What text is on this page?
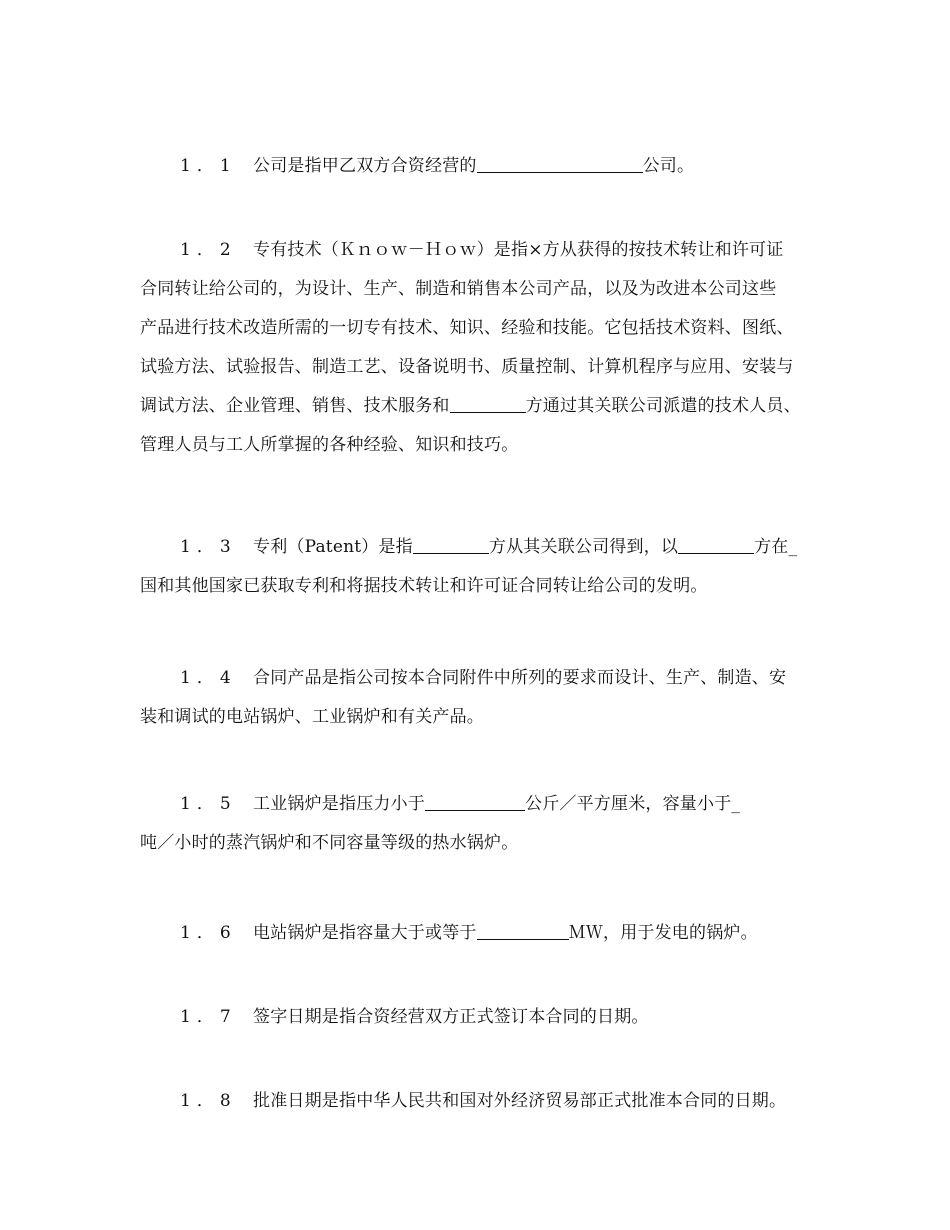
1．1 公司是指甲乙双方合资经营的	公司。
1．2 专有技术（Ｋｎｏｗ－Ｈｏｗ）是指×方从获得的按技术转让和许可证
合同转让给公司的，为设计、生产、制造和销售本公司产品，以及为改进本公司这些
产品进行技术改造所需的一切专有技术、知识、经验和技能。它包括技术资料、图纸、
试验方法、试验报告、制造工艺、设备说明书、质量控制、计算机程序与应用、安装与
调试方法、企业管理、销售、技术服务和	方通过其关联公司派遣的技术人员、
管理人员与工人所掌握的各种经验、知识和技巧。
1．3 专利（Patent）是指	方从其关联公司得到，以	方在_
国和其他国家已获取专利和将据技术转让和许可证合同转让给公司的发明。
1．4 合同产品是指公司按本合同附件中所列的要求而设计、生产、制造、安
装和调试的电站锅炉、工业锅炉和有关产品。
1．5 工业锅炉是指压力小于	公斤／平方厘米，容量小于_
吨／小时的蒸汽锅炉和不同容量等级的热水锅炉。
1．6 电站锅炉是指容量大于或等于	ＭＷ，用于发电的锅炉。
1．7 签字日期是指合资经营双方正式签订本合同的日期。
1．8 批准日期是指中华人民共和国对外经济贸易部正式批准本合同的日期。
